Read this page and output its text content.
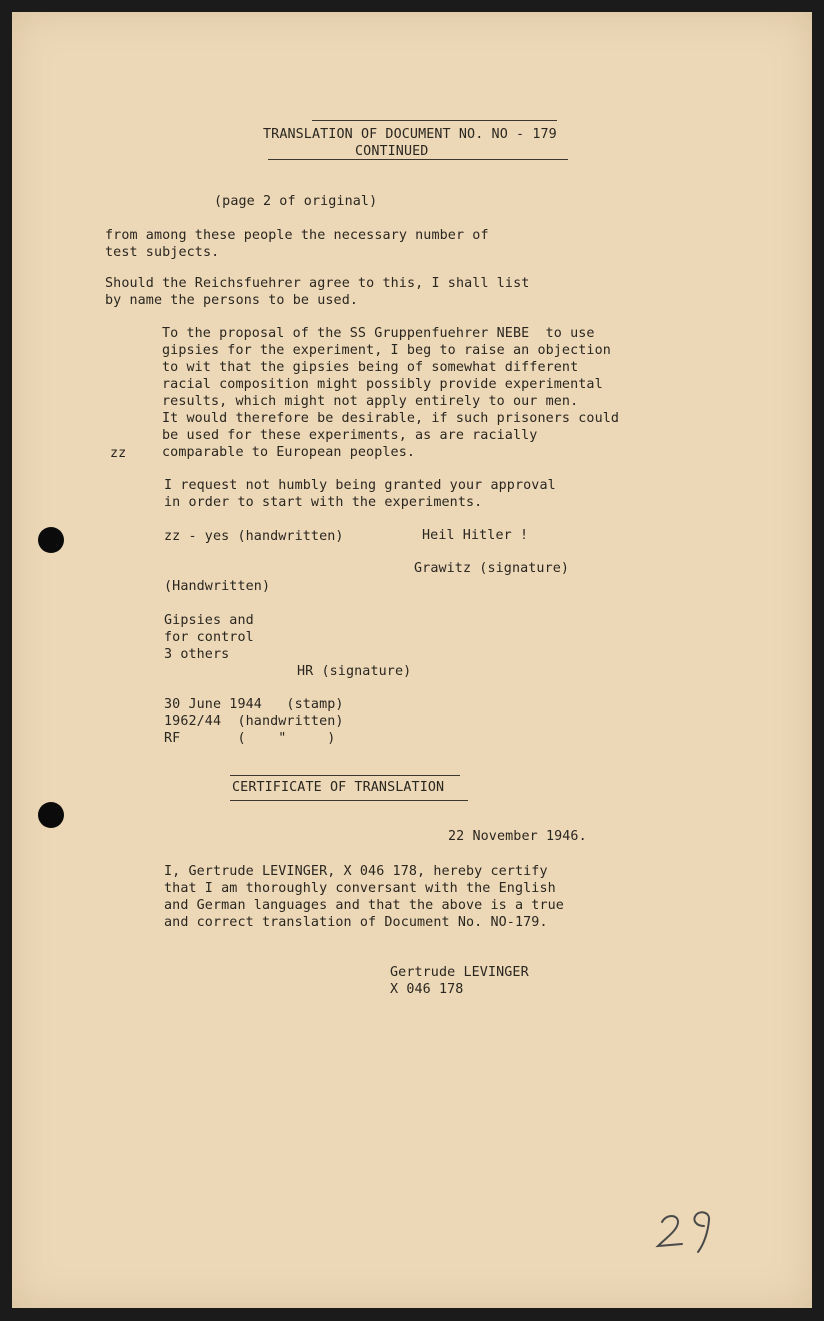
TRANSLATION OF DOCUMENT NO. NO - 179
CONTINUED
(page 2 of original)
from among these people the necessary number of
test subjects.
Should the Reichsfuehrer agree to this, I shall list
by name the persons to be used.
To the proposal of the SS Gruppenfuehrer NEBE  to use
gipsies for the experiment, I beg to raise an objection
to wit that the gipsies being of somewhat different
racial composition might possibly provide experimental
results, which might not apply entirely to our men.
It would therefore be desirable, if such prisoners could
be used for these experiments, as are racially
comparable to European peoples.
zz
I request not humbly being granted your approval
in order to start with the experiments.
zz - yes (handwritten)	Heil Hitler !
Grawitz (signature)
(Handwritten)
Gipsies and
for control
3 others
HR (signature)
30 June 1944   (stamp)
1962/44  (handwritten)
RF       (    "     )
CERTIFICATE OF TRANSLATION
22 November 1946.
I, Gertrude LEVINGER, X 046 178, hereby certify
that I am thoroughly conversant with the English
and German languages and that the above is a true
and correct translation of Document No. NO-179.
Gertrude LEVINGER
X 046 178
